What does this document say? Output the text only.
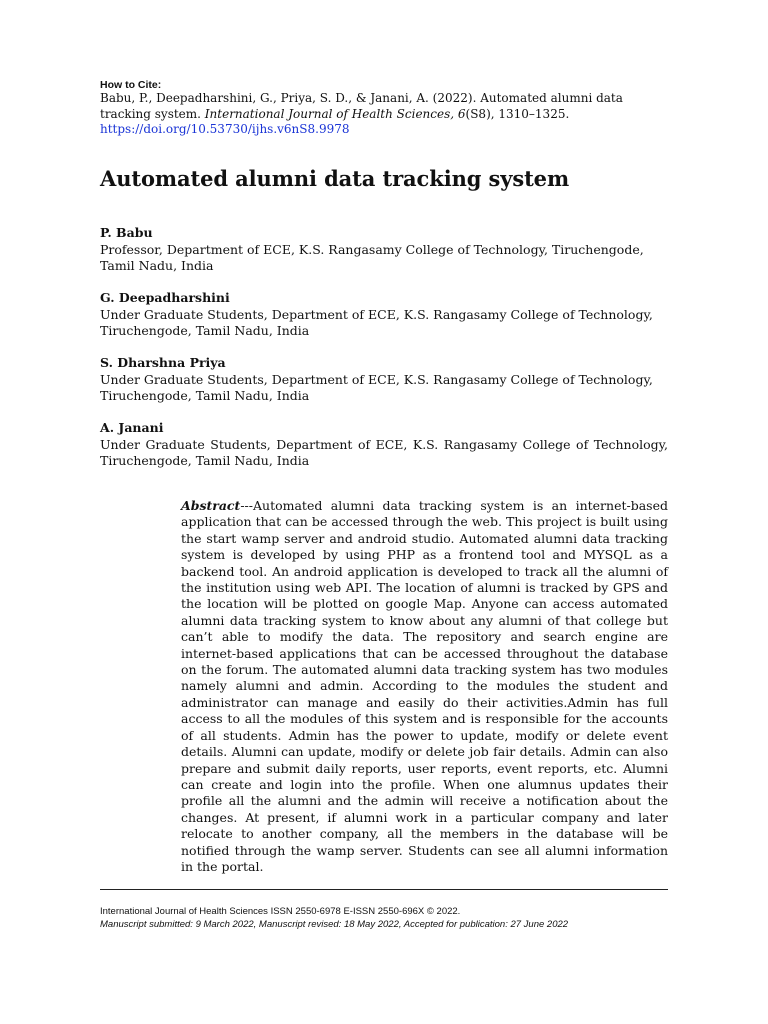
How to Cite:
Babu, P., Deepadharshini, G., Priya, S. D., & Janani, A. (2022). Automated alumni data tracking system. International Journal of Health Sciences, 6(S8), 1310–1325.
https://doi.org/10.53730/ijhs.v6nS8.9978
Automated alumni data tracking system
P. Babu
Professor, Department of ECE, K.S. Rangasamy College of Technology, Tiruchengode, Tamil Nadu, India
G. Deepadharshini
Under Graduate Students, Department of ECE, K.S. Rangasamy College of Technology, Tiruchengode, Tamil Nadu, India
S. Dharshna Priya
Under Graduate Students, Department of ECE, K.S. Rangasamy College of Technology, Tiruchengode, Tamil Nadu, India
A. Janani
Under Graduate Students, Department of ECE, K.S. Rangasamy College of Technology, Tiruchengode, Tamil Nadu, India
Abstract---Automated alumni data tracking system is an internet-based application that can be accessed through the web. This project is built using the start wamp server and android studio. Automated alumni data tracking system is developed by using PHP as a frontend tool and MYSQL as a backend tool. An android application is developed to track all the alumni of the institution using web API. The location of alumni is tracked by GPS and the location will be plotted on google Map. Anyone can access automated alumni data tracking system to know about any alumni of that college but can’t able to modify the data. The repository and search engine are internet-based applications that can be accessed throughout the database on the forum. The automated alumni data tracking system has two modules namely alumni and admin. According to the modules the student and administrator can manage and easily do their activities.Admin has full access to all the modules of this system and is responsible for the accounts of all students. Admin has the power to update, modify or delete event details. Alumni can update, modify or delete job fair details. Admin can also prepare and submit daily reports, user reports, event reports, etc. Alumni can create and login into the profile. When one alumnus updates their profile all the alumni and the admin will receive a notification about the changes. At present, if alumni work in a particular company and later relocate to another company, all the members in the database will be notified through the wamp server. Students can see all alumni information in the portal.
International Journal of Health Sciences ISSN 2550-6978 E-ISSN 2550-696X © 2022.
Manuscript submitted: 9 March 2022, Manuscript revised: 18 May 2022, Accepted for publication: 27 June 2022
